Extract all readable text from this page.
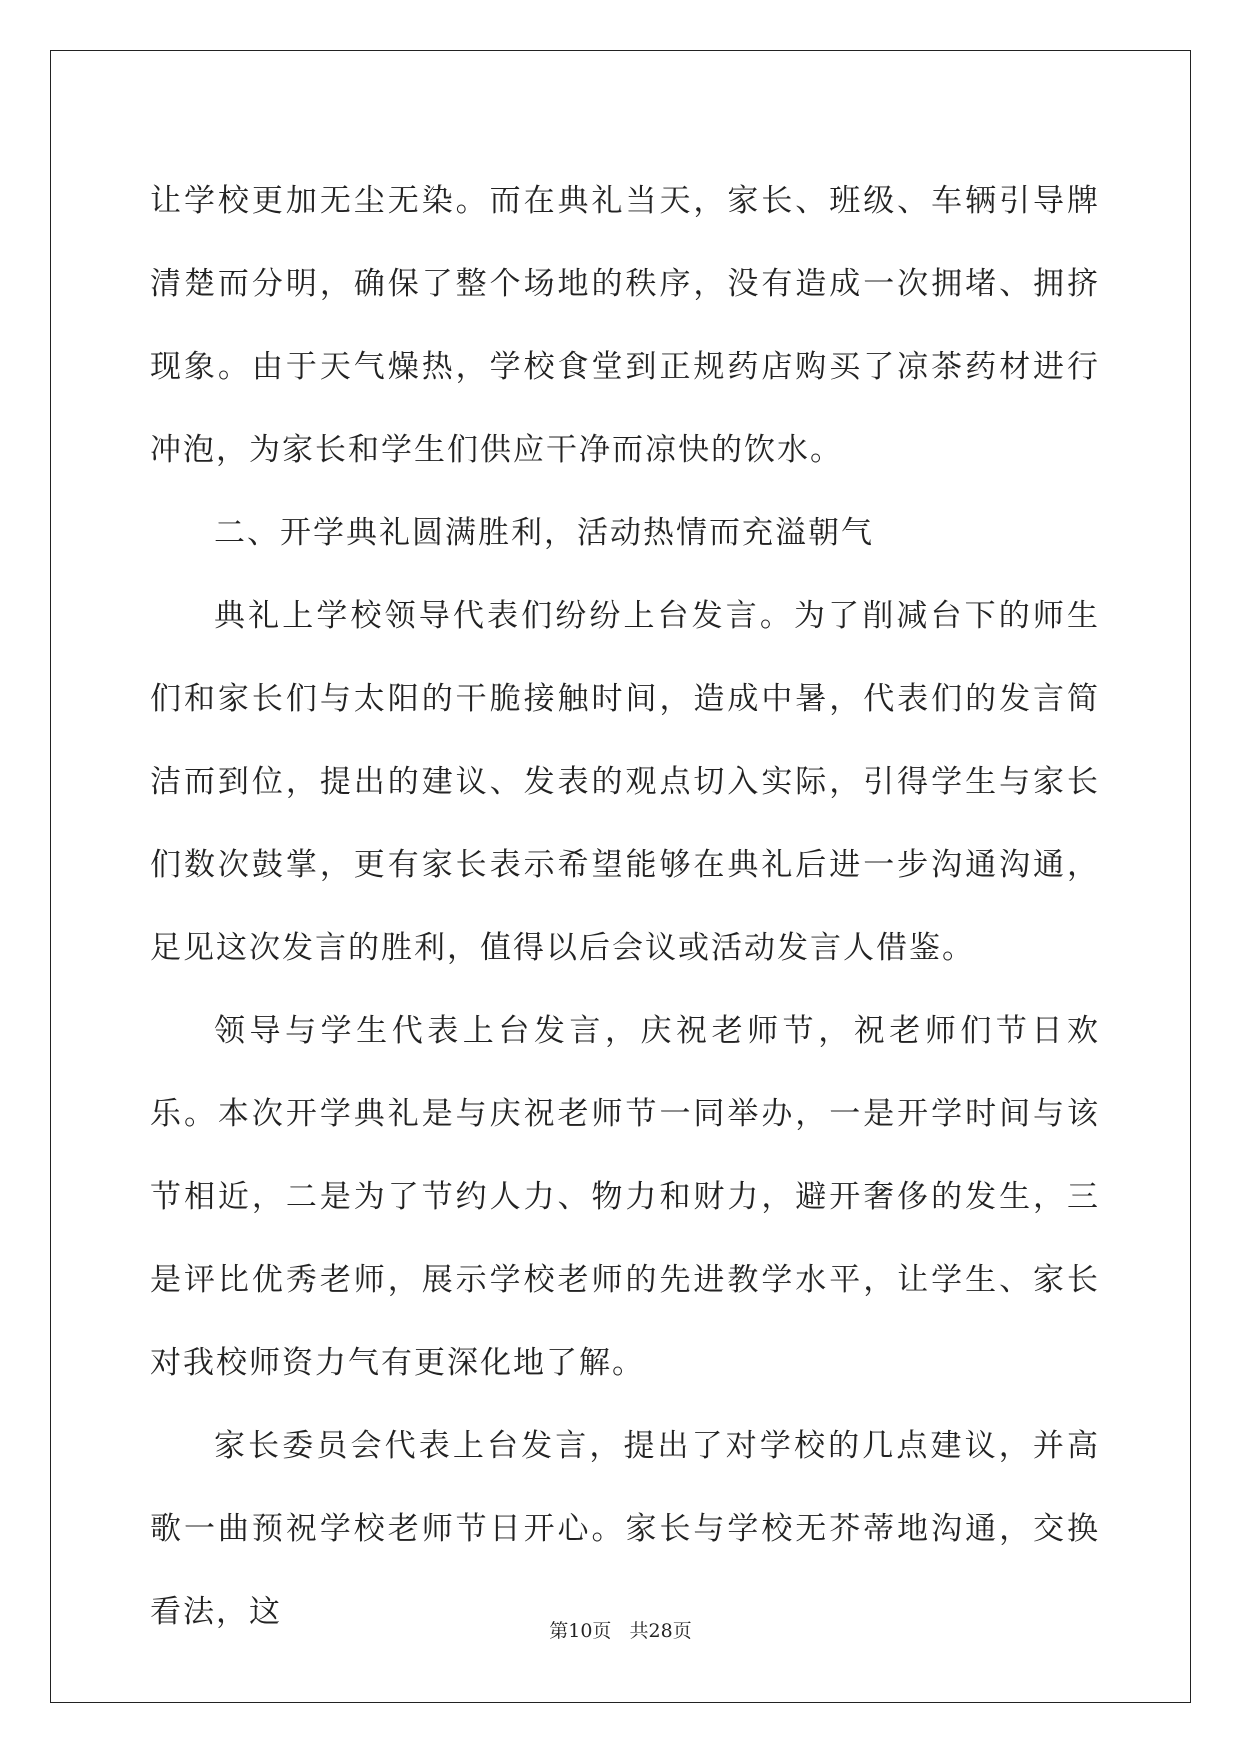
让学校更加无尘无染。而在典礼当天，家长、班级、车辆引导牌清楚而分明，确保了整个场地的秩序，没有造成一次拥堵、拥挤现象。由于天气燥热，学校食堂到正规药店购买了凉茶药材进行冲泡，为家长和学生们供应干净而凉快的饮水。

二、开学典礼圆满胜利，活动热情而充溢朝气

典礼上学校领导代表们纷纷上台发言。为了削减台下的师生们和家长们与太阳的干脆接触时间，造成中暑，代表们的发言简洁而到位，提出的建议、发表的观点切入实际，引得学生与家长们数次鼓掌，更有家长表示希望能够在典礼后进一步沟通沟通，足见这次发言的胜利，值得以后会议或活动发言人借鉴。

领导与学生代表上台发言，庆祝老师节，祝老师们节日欢乐。本次开学典礼是与庆祝老师节一同举办，一是开学时间与该节相近，二是为了节约人力、物力和财力，避开奢侈的发生，三是评比优秀老师，展示学校老师的先进教学水平，让学生、家长对我校师资力气有更深化地了解。

家长委员会代表上台发言，提出了对学校的几点建议，并高歌一曲预祝学校老师节日开心。家长与学校无芥蒂地沟通，交换看法，这

第10页   共28页
